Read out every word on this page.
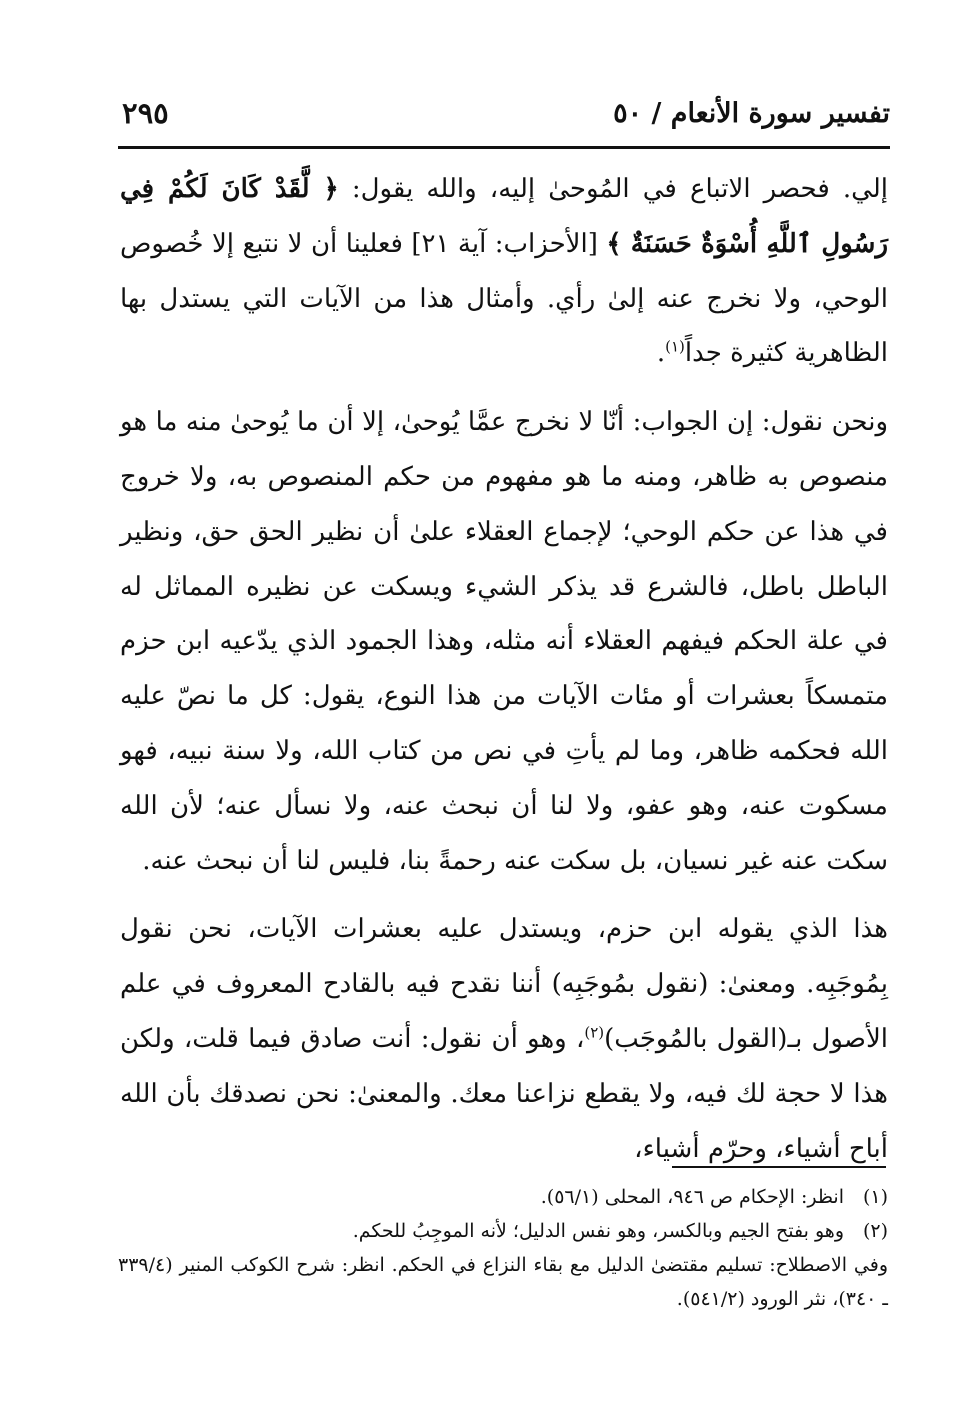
تفسير سورة الأنعام / ٥٠
٢٩٥

إلي. فحصر الاتباع في المُوحىٰ إليه، والله يقول: ﴿ لَّقَدْ كَانَ لَكُمْ فِي رَسُولِ ٱللَّهِ أُسْوَةٌ حَسَنَةٌ ﴾ [الأحزاب: آية ٢١] فعلينا أن لا نتبع إلا خُصوص الوحي، ولا نخرج عنه إلىٰ رأي. وأمثال هذا من الآيات التي يستدل بها الظاهرية كثيرة جداً$^{(١)}$.

ونحن نقول: إن الجواب: أنّا لا نخرج عمَّا يُوحىٰ، إلا أن ما يُوحىٰ منه ما هو منصوص به ظاهر، ومنه ما هو مفهوم من حكم المنصوص به، ولا خروج في هذا عن حكم الوحي؛ لإجماع العقلاء علىٰ أن نظير الحق حق، ونظير الباطل باطل، فالشرع قد يذكر الشيء ويسكت عن نظيره المماثل له في علة الحكم فيفهم العقلاء أنه مثله، وهذا الجمود الذي يدّعيه ابن حزم متمسكاً بعشرات أو مئات الآيات من هذا النوع، يقول: كل ما نصّ عليه الله فحكمه ظاهر، وما لم يأتِ في نص من كتاب الله، ولا سنة نبيه، فهو مسكوت عنه، وهو عفو، ولا لنا أن نبحث عنه، ولا نسأل عنه؛ لأن الله سكت عنه غير نسيان، بل سكت عنه رحمةً بنا، فليس لنا أن نبحث عنه.

هذا الذي يقوله ابن حزم، ويستدل عليه بعشرات الآيات، نحن نقول بِمُوجَبِه. ومعنىٰ: (نقول بمُوجَبِه) أننا نقدح فيه بالقادح المعروف في علم الأصول بـ(القول بالمُوجَب)$^{(٢)}$، وهو أن نقول: أنت صادق فيما قلت، ولكن هذا لا حجة لك فيه، ولا يقطع نزاعنا معك. والمعنىٰ: نحن نصدقك بأن الله أباح أشياء، وحرّم أشياء،

(١)انظر: الإحكام ص ٩٤٦، المحلى (٥٦/١).

(٢)وهو بفتح الجيم وبالكسر، وهو نفس الدليل؛ لأنه الموجِبُ للحكم.

وفي الاصطلاح: تسليم مقتضىٰ الدليل مع بقاء النزاع في الحكم. انظر: شرح الكوكب المنير (٣٣٩/٤ ـ ٣٤٠)، نثر الورود (٥٤١/٢).
